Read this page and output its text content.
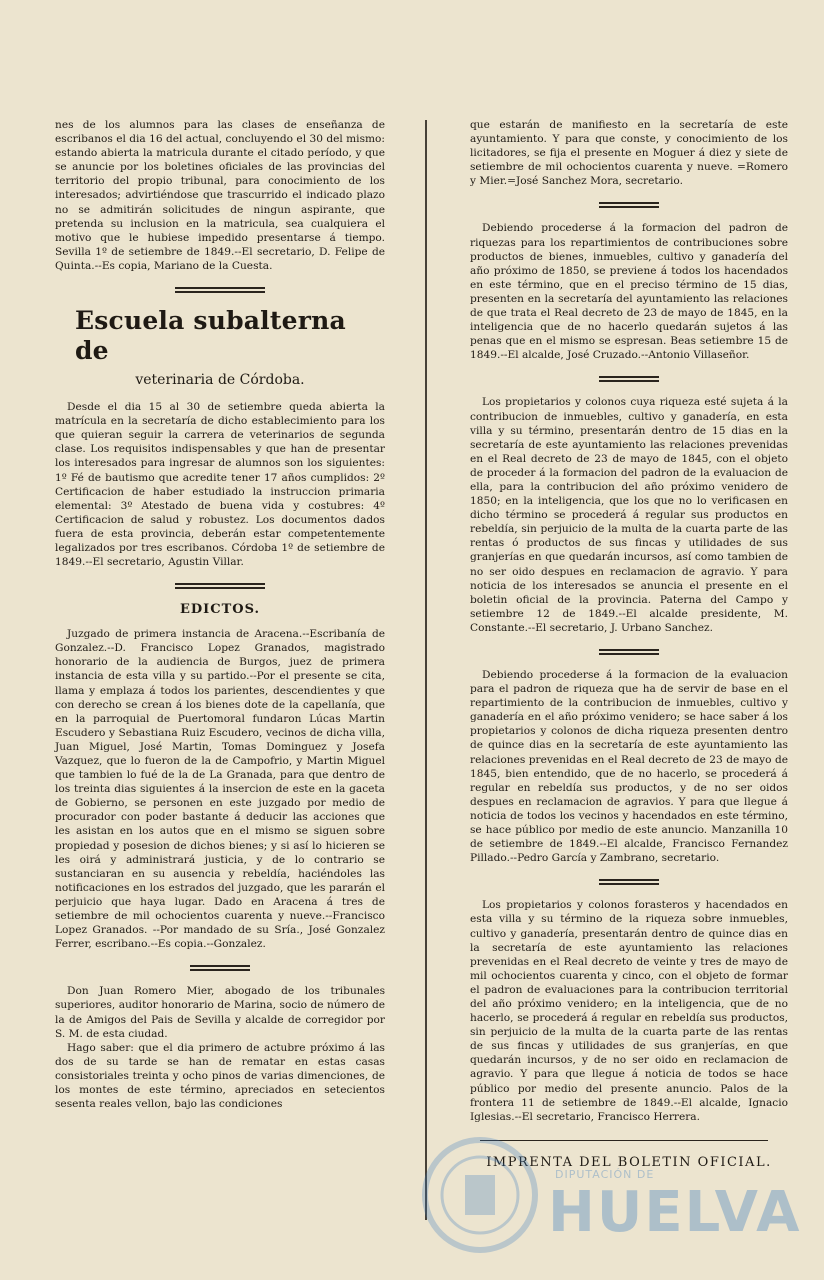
nes de los alumnos para las clases de enseñanza de escribanos el dia 16 del actual, concluyendo el 30 del mismo: estando abierta la matricula durante el citado período, y que se anuncie por los boletines oficiales de las provincias del territorio del propio tribunal, para conocimiento de los interesados; advirtiéndose que trascurrido el indicado plazo no se admitirán solicitudes de ningun aspirante, que pretenda su inclusion en la matricula, sea cualquiera el motivo que le hubiese impedido presentarse á tiempo. Sevilla 1º de setiembre de 1849.--El secretario, D. Felipe de Quinta.--Es copia, Mariano de la Cuesta.

Escuela subalterna de
veterinaria de Córdoba.

Desde el dia 15 al 30 de setiembre queda abierta la matrícula en la secretaría de dicho establecimiento para los que quieran seguir la carrera de veterinarios de segunda clase. Los requisitos indispensables y que han de presentar los interesados para ingresar de alumnos son los siguientes: 1º Fé de bautismo que acredite tener 17 años cumplidos: 2º Certificacion de haber estudiado la instruccion primaria elemental: 3º Atestado de buena vida y costubres: 4º Certificacion de salud y robustez. Los documentos dados fuera de esta provincia, deberán estar competentemente legalizados por tres escribanos. Córdoba 1º de setiembre de 1849.--El secretario, Agustin Villar.

EDICTOS.

Juzgado de primera instancia de Aracena.--Escribanía de Gonzalez.--D. Francisco Lopez Granados, magistrado honorario de la audiencia de Burgos, juez de primera instancia de esta villa y su partido.--Por el presente se cita, llama y emplaza á todos los parientes, descendientes y que con derecho se crean á los bienes dote de la capellanía, que en la parroquial de Puertomoral fundaron Lúcas Martin Escudero y Sebastiana Ruiz Escudero, vecinos de dicha villa, Juan Miguel, José Martin, Tomas Dominguez y Josefa Vazquez, que lo fueron de la de Campofrio, y Martin Miguel que tambien lo fué de la de La Granada, para que dentro de los treinta dias siguientes á la insercion de este en la gaceta de Gobierno, se personen en este juzgado por medio de procurador con poder bastante á deducir las acciones que les asistan en los autos que en el mismo se siguen sobre propiedad y posesion de dichos bienes; y si así lo hicieren se les oirá y administrará justicia, y de lo contrario se sustanciaran en su ausencia y rebeldía, haciéndoles las notificaciones en los estrados del juzgado, que les pararán el perjuicio que haya lugar. Dado en Aracena á tres de setiembre de mil ochocientos cuarenta y nueve.--Francisco Lopez Granados. --Por mandado de su Sría., José Gonzalez Ferrer, escribano.--Es copia.--Gonzalez.

Don Juan Romero Mier, abogado de los tribunales superiores, auditor honorario de Marina, socio de número de la de Amigos del Pais de Sevilla y alcalde de corregidor por S. M. de esta ciudad.

Hago saber: que el dia primero de actubre próximo á las dos de su tarde se han de rematar en estas casas consistoriales treinta y ocho pinos de varias dimenciones, de los montes de este término, apreciados en setecientos sesenta reales vellon, bajo las condiciones

que estarán de manifiesto en la secretaría de este ayuntamiento. Y para que conste, y conocimiento de los licitadores, se fija el presente en Moguer á diez y siete de setiembre de mil ochocientos cuarenta y nueve. =Romero y Mier.=José Sanchez Mora, secretario.

Debiendo procederse á la formacion del padron de riquezas para los repartimientos de contribuciones sobre productos de bienes, inmuebles, cultivo y ganadería del año próximo de 1850, se previene á todos los hacendados en este término, que en el preciso término de 15 dias, presenten en la secretaría del ayuntamiento las relaciones de que trata el Real decreto de 23 de mayo de 1845, en la inteligencia que de no hacerlo quedarán sujetos á las penas que en el mismo se espresan. Beas setiembre 15 de 1849.--El alcalde, José Cruzado.--Antonio Villaseñor.

Los propietarios y colonos cuya riqueza esté sujeta á la contribucion de inmuebles, cultivo y ganadería, en esta villa y su término, presentarán dentro de 15 dias en la secretaría de este ayuntamiento las relaciones prevenidas en el Real decreto de 23 de mayo de 1845, con el objeto de proceder á la formacion del padron de la evaluacion de ella, para la contribucion del año próximo venidero de 1850; en la inteligencia, que los que no lo verificasen en dicho término se procederá á regular sus productos en rebeldía, sin perjuicio de la multa de la cuarta parte de las rentas ó productos de sus fincas y utilidades de sus granjerías en que quedarán incursos, así como tambien de no ser oido despues en reclamacion de agravio. Y para noticia de los interesados se anuncia el presente en el boletin oficial de la provincia. Paterna del Campo y setiembre 12 de 1849.--El alcalde presidente, M. Constante.--El secretario, J. Urbano Sanchez.

Debiendo procederse á la formacion de la evaluacion para el padron de riqueza que ha de servir de base en el repartimiento de la contribucion de inmuebles, cultivo y ganadería en el año próximo venidero; se hace saber á los propietarios y colonos de dicha riqueza presenten dentro de quince dias en la secretaría de este ayuntamiento las relaciones prevenidas en el Real decreto de 23 de mayo de 1845, bien entendido, que de no hacerlo, se procederá á regular en rebeldía sus productos, y de no ser oidos despues en reclamacion de agravios. Y para que llegue á noticia de todos los vecinos y hacendados en este término, se hace público por medio de este anuncio. Manzanilla 10 de setiembre de 1849.--El alcalde, Francisco Fernandez Pillado.--Pedro García y Zambrano, secretario.

Los propietarios y colonos forasteros y hacendados en esta villa y su término de la riqueza sobre inmuebles, cultivo y ganadería, presentarán dentro de quince dias en la secretaría de este ayuntamiento las relaciones prevenidas en el Real decreto de veinte y tres de mayo de mil ochocientos cuarenta y cinco, con el objeto de formar el padron de evaluaciones para la contribucion territorial del año próximo venidero; en la inteligencia, que de no hacerlo, se procederá á regular en rebeldía sus productos, sin perjuicio de la multa de la cuarta parte de las rentas de sus fincas y utilidades de sus granjerías, en que quedarán incursos, y de no ser oido en reclamacion de agravio. Y para que llegue á noticia de todos se hace público por medio del presente anuncio. Palos de la frontera 11 de setiembre de 1849.--El alcalde, Ignacio Iglesias.--El secretario, Francisco Herrera.

IMPRENTA DEL BOLETIN OFICIAL.
DIPUTACIÓN DE
HUELVA
